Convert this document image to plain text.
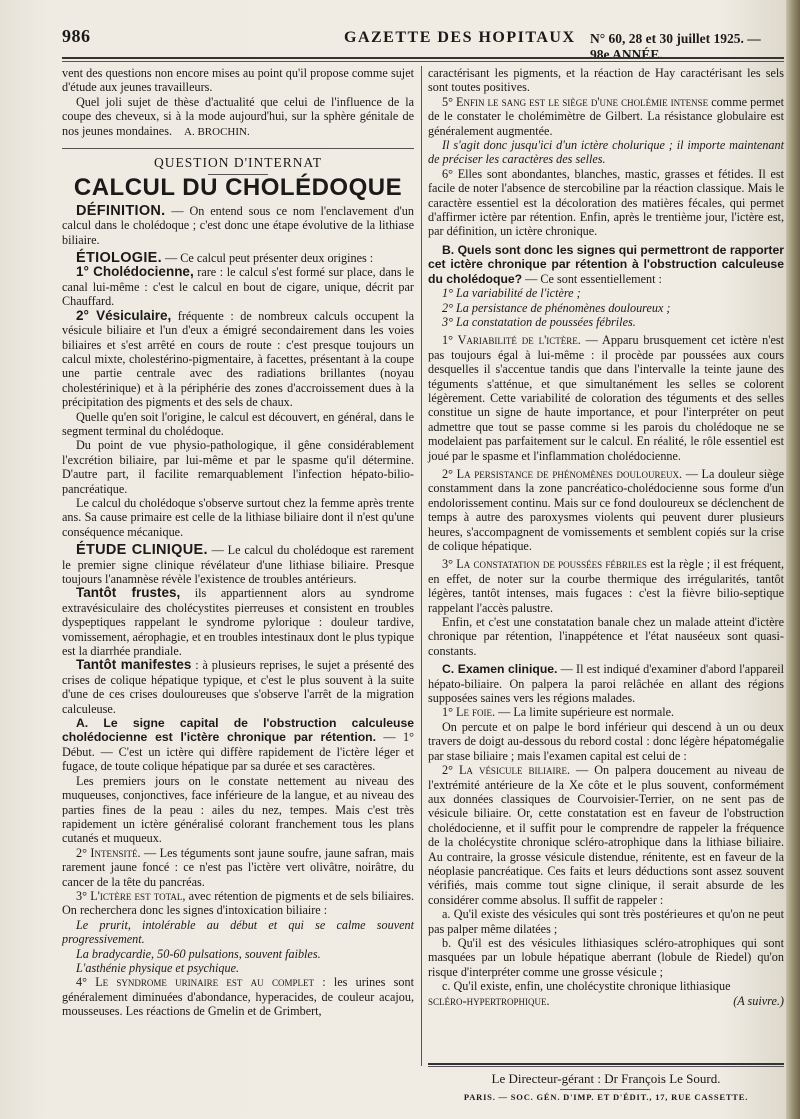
986	GAZETTE DES HOPITAUX N° 60, 28 et 30 juillet 1925. — 98e ANNÉE.

vent des questions non encore mises au point qu'il propose comme sujet d'étude aux jeunes travailleurs.

Quel joli sujet de thèse d'actualité que celui de l'influence de la coupe des cheveux, si à la mode aujourd'hui, sur la sphère génitale de nos jeunes mondaines. A. BROCHIN.

QUESTION D'INTERNAT
CALCUL DU CHOLÉDOQUE

DÉFINITION. — On entend sous ce nom l'enclavement d'un calcul dans le cholédoque ; c'est donc une étape évolutive de la lithiase biliaire.

ÉTIOLOGIE. — Ce calcul peut présenter deux origines :

1° Cholédocienne, rare : le calcul s'est formé sur place, dans le canal lui-même : c'est le calcul en bout de cigare, unique, décrit par Chauffard.

2° Vésiculaire, fréquente : de nombreux calculs occupent la vésicule biliaire et l'un d'eux a émigré secondairement dans les voies biliaires et s'est arrêté en cours de route : c'est presque toujours un calcul mixte, cholestérino-pigmentaire, à facettes, présentant à la coupe une partie centrale avec des radiations brillantes (noyau cholestérinique) et à la périphérie des zones d'accroissement dues à la précipitation des pigments et des sels de chaux.

Quelle qu'en soit l'origine, le calcul est découvert, en général, dans le segment terminal du cholédoque.

Du point de vue physio-pathologique, il gêne considérablement l'excrétion biliaire, par lui-même et par le spasme qu'il détermine. D'autre part, il facilite remarquablement l'infection hépato-bilio-pancréatique.

Le calcul du cholédoque s'observe surtout chez la femme après trente ans. Sa cause primaire est celle de la lithiase biliaire dont il n'est qu'une conséquence mécanique.

ÉTUDE CLINIQUE. — Le calcul du cholédoque est rarement le premier signe clinique révélateur d'une lithiase biliaire. Presque toujours l'anamnèse révèle l'existence de troubles antérieurs.

Tantôt frustes, ils appartiennent alors au syndrome extravésiculaire des cholécystites pierreuses et consistent en troubles dyspeptiques rappelant le syndrome pylorique : douleur tardive, vomissement, aérophagie, et en troubles intestinaux dont le plus typique est la diarrhée prandiale.

Tantôt manifestes : à plusieurs reprises, le sujet a présenté des crises de colique hépatique typique, et c'est le plus souvent à la suite d'une de ces crises douloureuses que s'observe l'arrêt de la migration calculeuse.

A. Le signe capital de l'obstruction calculeuse cholédocienne est l'ictère chronique par rétention. — 1° Début. — C'est un ictère qui diffère rapidement de l'ictère léger et fugace, de toute colique hépatique par sa durée et ses caractères.

Les premiers jours on le constate nettement au niveau des muqueuses, conjonctives, face inférieure de la langue, et au niveau des parties fines de la peau : ailes du nez, tempes. Mais c'est très rapidement un ictère généralisé colorant franchement tous les plans cutanés et muqueux.

2° Intensité. — Les téguments sont jaune soufre, jaune safran, mais rarement jaune foncé : ce n'est pas l'ictère vert olivâtre, noirâtre, du cancer de la tête du pancréas.

3° L'ictère est total, avec rétention de pigments et de sels biliaires. On recherchera donc les signes d'intoxication biliaire :

Le prurit, intolérable au début et qui se calme souvent progressivement.

La bradycardie, 50-60 pulsations, souvent faibles.

L'asthénie physique et psychique.

4° Le syndrome urinaire est au complet : les urines sont généralement diminuées d'abondance, hyperacides, de couleur acajou, mousseuses. Les réactions de Gmelin et de Grimbert,

caractérisant les pigments, et la réaction de Hay caractérisant les sels sont toutes positives.

5° Enfin le sang est le siège d'une cholémie intense comme permet de le constater le cholémimètre de Gilbert. La résistance globulaire est généralement augmentée.

Il s'agit donc jusqu'ici d'un ictère cholurique ; il importe maintenant de préciser les caractères des selles.

6° Elles sont abondantes, blanches, mastic, grasses et fétides. Il est facile de noter l'absence de stercobiline par la réaction classique. Mais le caractère essentiel est la décoloration des matières fécales, qui permet d'affirmer ictère par rétention. Enfin, après le trentième jour, l'ictère est, par définition, un ictère chronique.

B. Quels sont donc les signes qui permettront de rapporter cet ictère chronique par rétention à l'obstruction calculeuse du cholédoque? — Ce sont essentiellement :

1° La variabilité de l'ictère ;

2° La persistance de phénomènes douloureux ;

3° La constatation de poussées fébriles.

1° Variabilité de l'ictère. — Apparu brusquement cet ictère n'est pas toujours égal à lui-même : il procède par poussées aux cours desquelles il s'accentue tandis que dans l'intervalle la teinte jaune des téguments s'atténue, et que simultanément les selles se colorent légèrement. Cette variabilité de coloration des téguments et des selles constitue un signe de haute importance, et pour l'interpréter on peut admettre que tout se passe comme si les parois du cholédoque ne se modelaient pas parfaitement sur le calcul. En réalité, le rôle essentiel est joué par le spasme et l'inflammation cholédocienne.

2° La persistance de phénomènes douloureux. — La douleur siège constamment dans la zone pancréatico-cholédocienne sous forme d'un endolorissement continu. Mais sur ce fond douloureux se déclenchent de temps à autre des paroxysmes violents qui peuvent durer plusieurs heures, s'accompagnent de vomissements et semblent copiés sur la crise de colique hépatique.

3° La constatation de poussées fébriles est la règle ; il est fréquent, en effet, de noter sur la courbe thermique des irrégularités, tantôt légères, tantôt intenses, mais fugaces : c'est la fièvre bilio-septique rappelant l'accès palustre.

Enfin, et c'est une constatation banale chez un malade atteint d'ictère chronique par rétention, l'inappétence et l'état nauséeux sont quasi-constants.

C. Examen clinique. — Il est indiqué d'examiner d'abord l'appareil hépato-biliaire. On palpera la paroi relâchée en allant des régions supposées saines vers les régions malades.

1° Le foie. — La limite supérieure est normale.

On percute et on palpe le bord inférieur qui descend à un ou deux travers de doigt au-dessous du rebord costal : donc légère hépatomégalie par stase biliaire ; mais l'examen capital est celui de :

2° La vésicule biliaire. — On palpera doucement au niveau de l'extrémité antérieure de la Xe côte et le plus souvent, conformément aux données classiques de Courvoisier-Terrier, on ne sent pas de vésicule biliaire. Or, cette constatation est en faveur de l'obstruction cholédocienne, et il suffit pour le comprendre de rappeler la fréquence de la cholécystite chronique scléro-atrophique dans la lithiase biliaire. Au contraire, la grosse vésicule distendue, rénitente, est en faveur de la néoplasie pancréatique. Ces faits et leurs déductions sont assez souvent vérifiés, mais comme tout signe clinique, il serait absurde de les considérer comme absolus. Il suffit de rappeler :

a. Qu'il existe des vésicules qui sont très postérieures et qu'on ne peut pas palper même dilatées ;

b. Qu'il est des vésicules lithiasiques scléro-atrophiques qui sont masquées par un lobule hépatique aberrant (lobule de Riedel) qu'on risque d'interpréter comme une grosse vésicule ;

c. Qu'il existe, enfin, une cholécystite chronique lithiasique

scléro-hypertrophique.	(A suivre.)

Le Directeur-gérant : Dr François Le Sourd.
PARIS. — SOC. GÉN. D'IMP. ET D'ÉDIT., 17, RUE CASSETTE.
